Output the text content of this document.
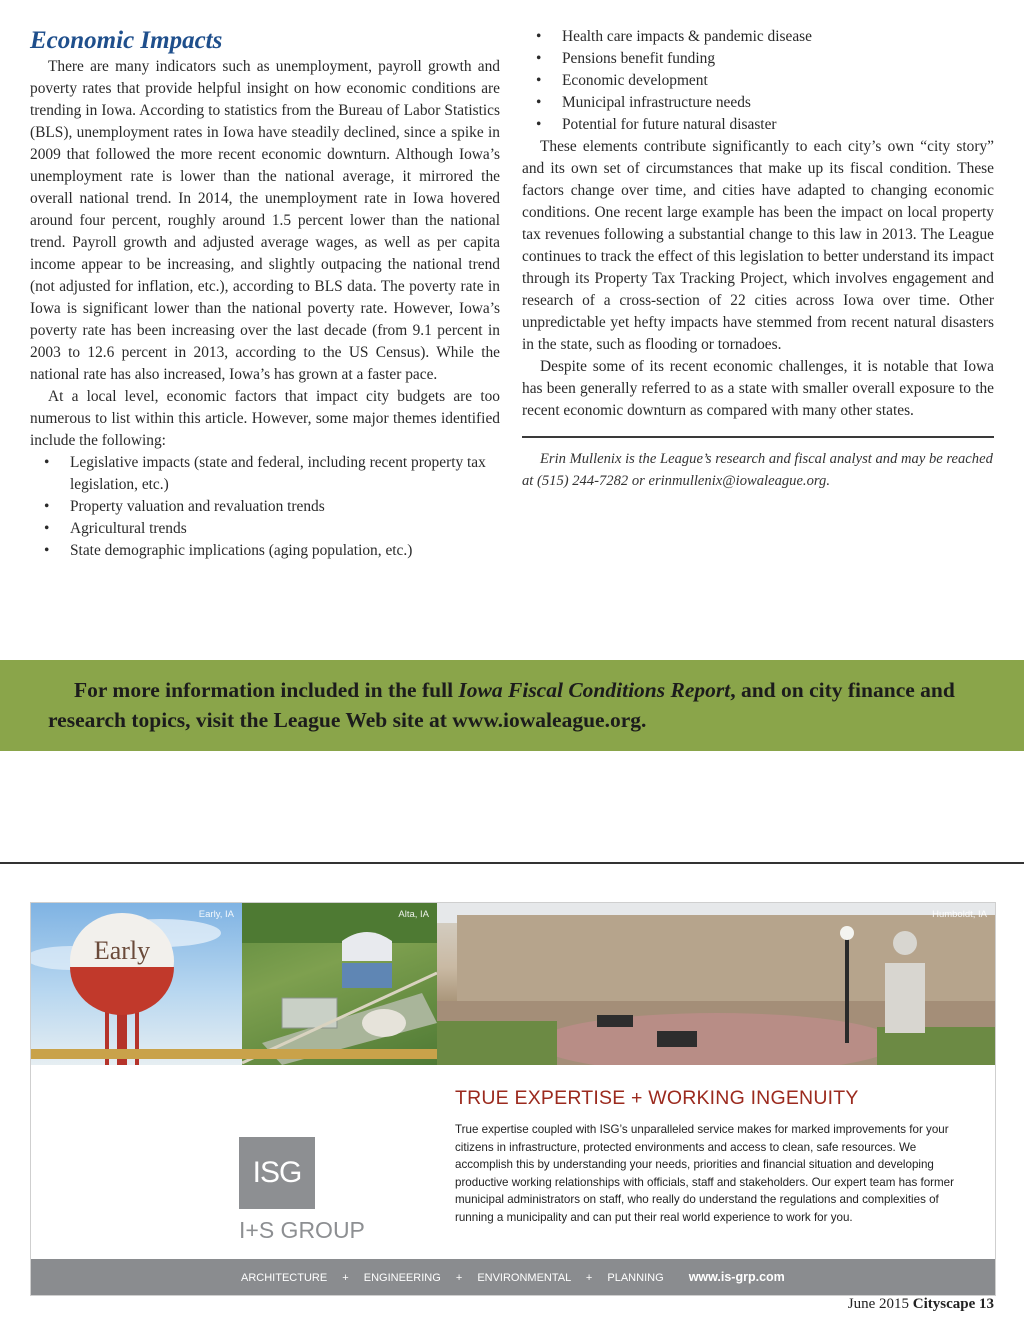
Economic Impacts

There are many indicators such as unemployment, payroll growth and poverty rates that provide helpful insight on how economic conditions are trending in Iowa. According to statistics from the Bureau of Labor Statistics (BLS), unemployment rates in Iowa have steadily declined, since a spike in 2009 that followed the more recent economic downturn. Although Iowa’s unemployment rate is lower than the national average, it mirrored the overall national trend. In 2014, the unemployment rate in Iowa hovered around four percent, roughly around 1.5 percent lower than the national trend. Payroll growth and adjusted average wages, as well as per capita income appear to be increasing, and slightly outpacing the national trend (not adjusted for inflation, etc.), according to BLS data. The poverty rate in Iowa is significant lower than the national poverty rate. However, Iowa’s poverty rate has been increasing over the last decade (from 9.1 percent in 2003 to 12.6 percent in 2013, according to the US Census). While the national rate has also increased, Iowa’s has grown at a faster pace.

At a local level, economic factors that impact city budgets are too numerous to list within this article. However, some major themes identified include the following:

• Legislative impacts (state and federal, including recent property tax legislation, etc.)
• Property valuation and revaluation trends
• Agricultural trends
• State demographic implications (aging population, etc.)
• Health care impacts & pandemic disease
• Pensions benefit funding
• Economic development
• Municipal infrastructure needs
• Potential for future natural disaster

These elements contribute significantly to each city’s own “city story” and its own set of circumstances that make up its fiscal condition. These factors change over time, and cities have adapted to changing economic conditions. One recent large example has been the impact on local property tax revenues following a substantial change to this law in 2013. The League continues to track the effect of this legislation to better understand its impact through its Property Tax Tracking Project, which involves engagement and research of a cross-section of 22 cities across Iowa over time. Other unpredictable yet hefty impacts have stemmed from recent natural disasters in the state, such as flooding or tornadoes.

Despite some of its recent economic challenges, it is notable that Iowa has been generally referred to as a state with smaller overall exposure to the recent economic downturn as compared with many other states.

Erin Mullenix is the League’s research and fiscal analyst and may be reached at (515) 244-7282 or erinmullenix@iowaleague.org.

For more information included in the full Iowa Fiscal Conditions Report, and on city finance and research topics, visit the League Web site at www.iowaleague.org.
Early
Early, IA	Alta, IA	Humboldt, IA
TRUE EXPERTISE + WORKING INGENUITY
True expertise coupled with ISG’s unparalleled service makes for marked improvements for your citizens in infrastructure, protected environments and access to clean, safe resources. We accomplish this by understanding your needs, priorities and financial situation and developing productive working relationships with officials, staff and stakeholders. Our expert team has former municipal administrators on staff, who really do understand the regulations and complexities of running a municipality and can put their real world experience to work for you.
ISG
I+S GROUP
ARCHITECTURE + ENGINEERING + ENVIRONMENTAL + PLANNING www.is-grp.com
June 2015 Cityscape 13
